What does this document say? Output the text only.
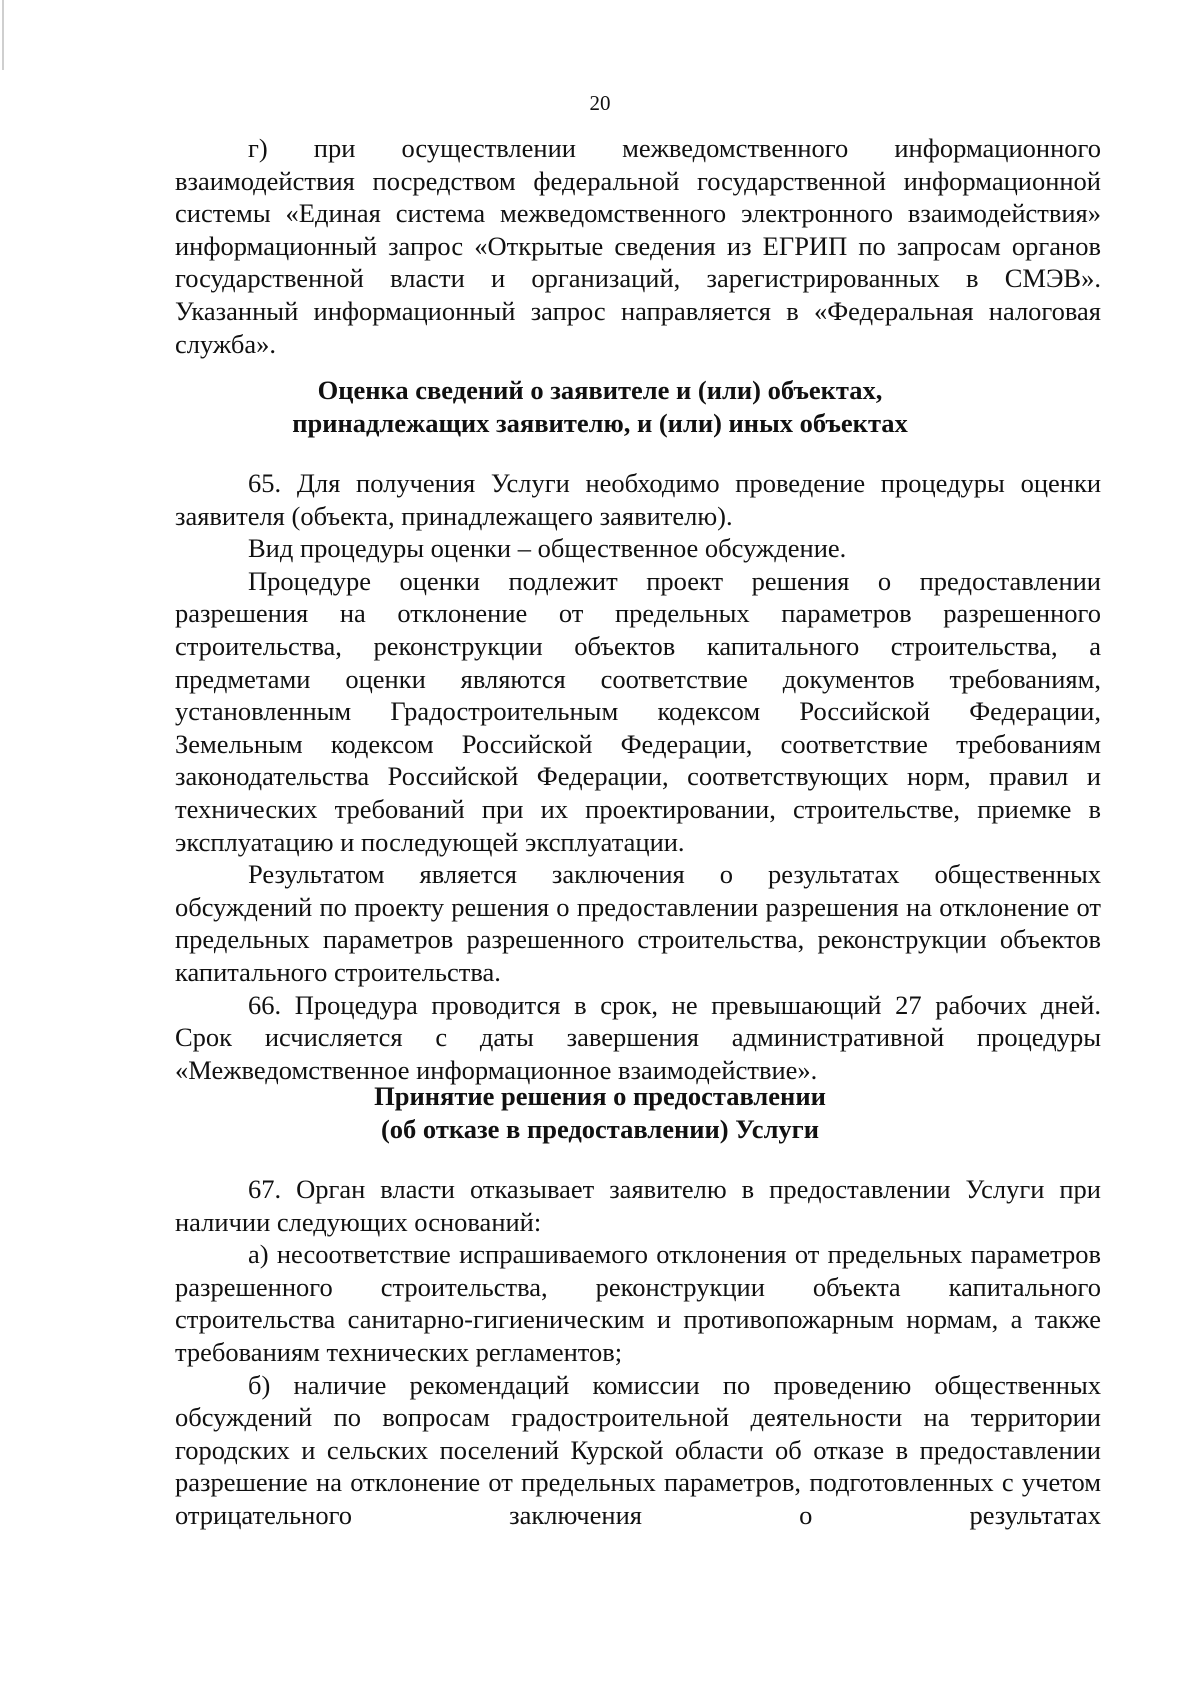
20

г) при осуществлении межведомственного информационного

взаимодействия посредством федеральной государственной информационной системы «Единая система межведомственного электронного взаимодействия» информационный запрос «Открытые сведения из ЕГРИП по запросам органов государственной власти и организаций, зарегистрированных в СМЭВ». Указанный информационный запрос направляется в «Федеральная налоговая служба».

Оценка сведений о заявителе и (или) объектах,
принадлежащих заявителю, и (или) иных объектах

65. Для получения Услуги необходимо проведение процедуры оценки заявителя (объекта, принадлежащего заявителю).

Вид процедуры оценки – общественное обсуждение.

Процедуре оценки подлежит проект решения о предоставлении разрешения на отклонение от предельных параметров разрешенного строительства, реконструкции объектов капитального строительства, а предметами оценки являются соответствие документов требованиям, установленным Градостроительным кодексом Российской Федерации, Земельным кодексом Российской Федерации, соответствие требованиям законодательства Российской Федерации, соответствующих норм, правил и технических требований при их проектировании, строительстве, приемке в эксплуатацию и последующей эксплуатации.

Результатом является заключения о результатах общественных обсуждений по проекту решения о предоставлении разрешения на отклонение от предельных параметров разрешенного строительства, реконструкции объектов капитального строительства.

66. Процедура проводится в срок, не превышающий 27 рабочих дней. Срок исчисляется с даты завершения административной процедуры «Межведомственное информационное взаимодействие».

Принятие решения о предоставлении
(об отказе в предоставлении) Услуги

67. Орган власти отказывает заявителю в предоставлении Услуги при наличии следующих оснований:

а) несоответствие испрашиваемого отклонения от предельных параметров разрешенного строительства, реконструкции объекта капитального строительства санитарно-гигиеническим и противопожарным нормам, а также требованиям технических регламентов;

б) наличие рекомендаций комиссии по проведению общественных обсуждений по вопросам градостроительной деятельности на территории городских и сельских поселений Курской области об отказе в предоставлении разрешение на отклонение от предельных параметров, подготовленных с учетом отрицательного заключения о результатах
